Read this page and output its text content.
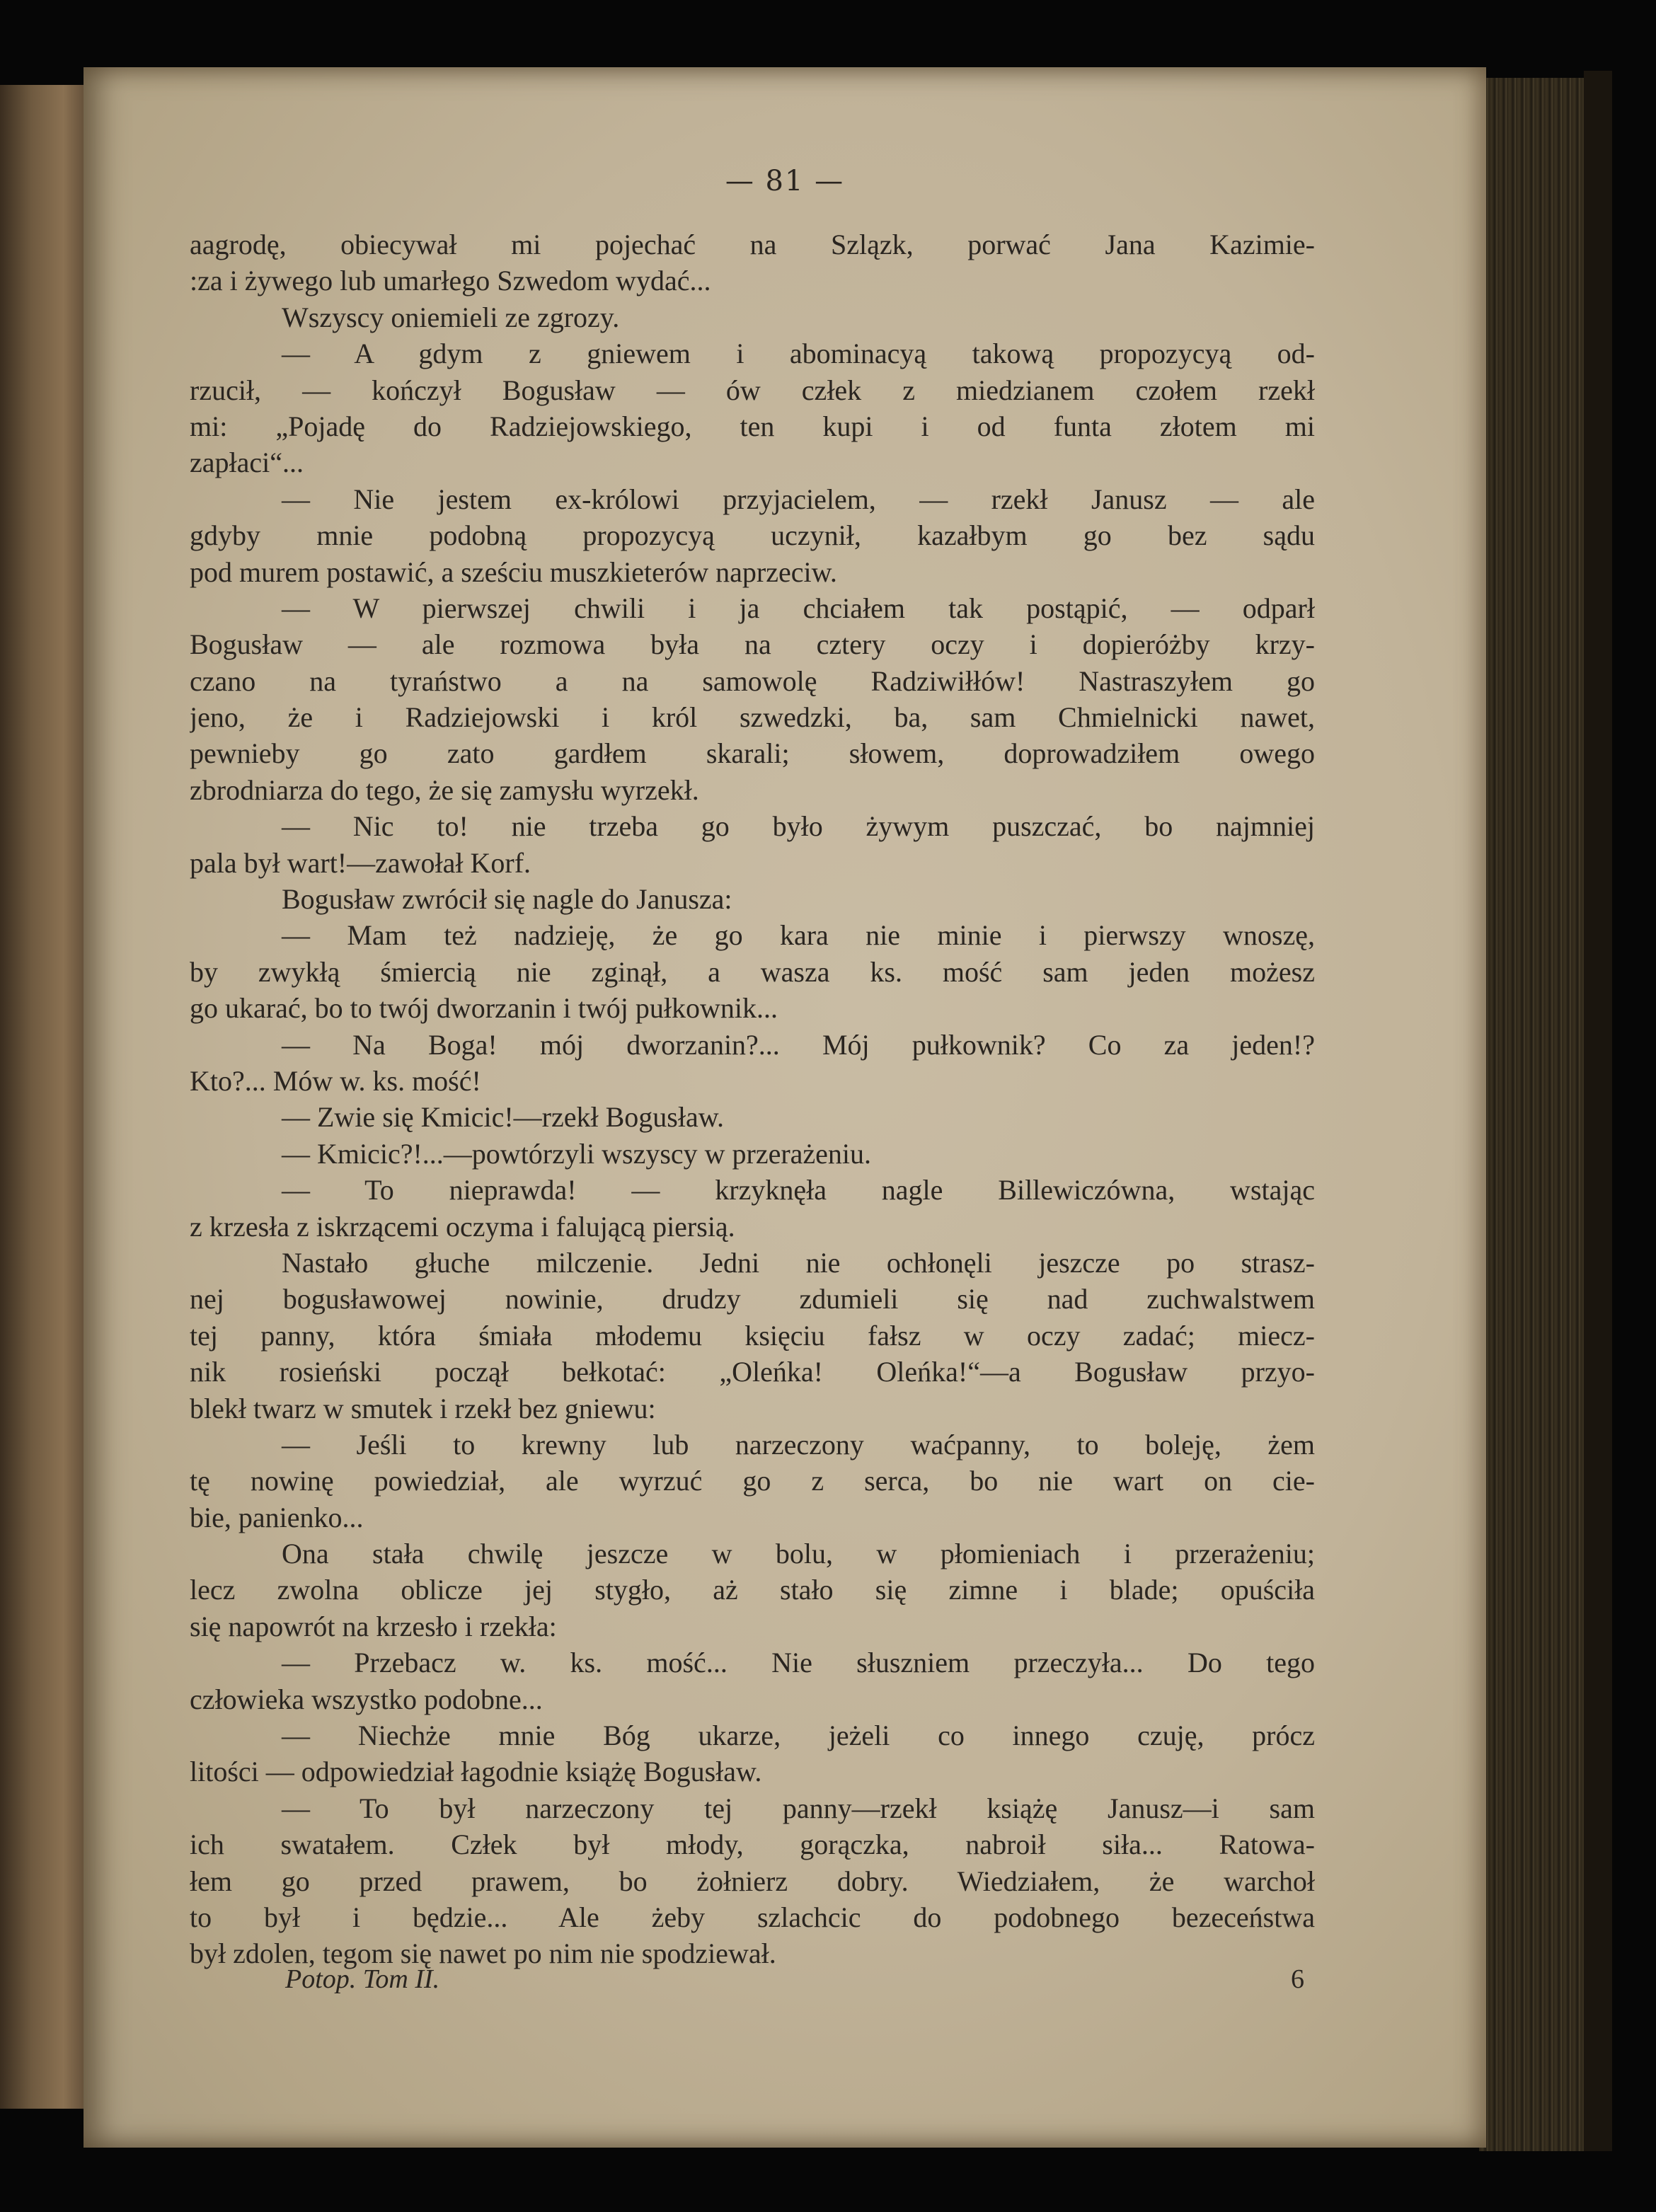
— 81 —
aagrodę, obiecywał mi pojechać na Szlązk, porwać Jana Kazimie-
:za i żywego lub umarłego Szwedom wydać...
Wszyscy oniemieli ze zgrozy.
— A gdym z gniewem i abominacyą takową propozycyą od-
rzucił, — kończył Bogusław — ów człek z miedzianem czołem rzekł
mi: „Pojadę do Radziejowskiego, ten kupi i od funta złotem mi
zapłaci“...
— Nie jestem ex-królowi przyjacielem, — rzekł Janusz — ale
gdyby mnie podobną propozycyą uczynił, kazałbym go bez sądu
pod murem postawić, a sześciu muszkieterów naprzeciw.
— W pierwszej chwili i ja chciałem tak postąpić, — odparł
Bogusław — ale rozmowa była na cztery oczy i dopieróżby krzy-
czano na tyraństwo a na samowolę Radziwiłłów! Nastraszyłem go
jeno, że i Radziejowski i król szwedzki, ba, sam Chmielnicki nawet,
pewnieby go zato gardłem skarali; słowem, doprowadziłem owego
zbrodniarza do tego, że się zamysłu wyrzekł.
— Nic to! nie trzeba go było żywym puszczać, bo najmniej
pala był wart!—zawołał Korf.
Bogusław zwrócił się nagle do Janusza:
— Mam też nadzieję, że go kara nie minie i pierwszy wnoszę,
by zwykłą śmiercią nie zginął, a wasza ks. mość sam jeden możesz
go ukarać, bo to twój dworzanin i twój pułkownik...
— Na Boga! mój dworzanin?... Mój pułkownik? Co za jeden!?
Kto?... Mów w. ks. mość!
— Zwie się Kmicic!—rzekł Bogusław.
— Kmicic?!...—powtórzyli wszyscy w przerażeniu.
— To nieprawda! — krzyknęła nagle Billewiczówna, wstając
z krzesła z iskrzącemi oczyma i falującą piersią.
Nastało głuche milczenie. Jedni nie ochłonęli jeszcze po strasz-
nej bogusławowej nowinie, drudzy zdumieli się nad zuchwalstwem
tej panny, która śmiała młodemu księciu fałsz w oczy zadać; miecz-
nik rosieński począł bełkotać: „Oleńka! Oleńka!“—a Bogusław przyo-
blekł twarz w smutek i rzekł bez gniewu:
— Jeśli to krewny lub narzeczony waćpanny, to boleję, żem
tę nowinę powiedział, ale wyrzuć go z serca, bo nie wart on cie-
bie, panienko...
Ona stała chwilę jeszcze w bolu, w płomieniach i przerażeniu;
lecz zwolna oblicze jej stygło, aż stało się zimne i blade; opuściła
się napowrót na krzesło i rzekła:
— Przebacz w. ks. mość... Nie słuszniem przeczyła... Do tego
człowieka wszystko podobne...
— Niechże mnie Bóg ukarze, jeżeli co innego czuję, prócz
litości — odpowiedział łagodnie książę Bogusław.
— To był narzeczony tej panny—rzekł książę Janusz—i sam
ich swatałem. Człek był młody, gorączka, nabroił siła... Ratowa-
łem go przed prawem, bo żołnierz dobry. Wiedziałem, że warchoł
to był i będzie... Ale żeby szlachcic do podobnego bezeceństwa
był zdolen, tegom się nawet po nim nie spodziewał.
Potop. Tom II.	6
